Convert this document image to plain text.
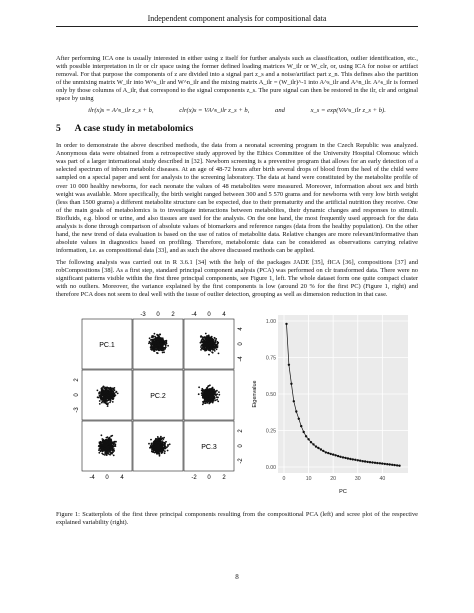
Independent component analysis for compositional data

After performing ICA one is usually interested in either using z itself for further analysis such as classification, outlier identification, etc., with possible interpretation in ilr or clr space using the former defined loading matrices W_ilr or W_clr, or, using ICA for noise or artifact removal. For that purpose the components of z are divided into a signal part z_s and a noise/artifact part z_n. This defines also the partition of the unmixing matrix W_ilr into W^s_ilr and W^n_ilr and the mixing matrix A_ilr = (W_ilr)^-1 into A^s_ilr and A^n_ilr. A^s_ilr is formed only by those columns of A_ilr, that correspond to the signal components z_s. The pure signal can then be restored in the ilr, clr and original space by using

ilr(x)s = A^s_ilr z_s + b,	clr(x)s = VA^s_ilr z_s + b,	and	x_s = exp(VA^s_ilr z_s + b).
5 A case study in metabolomics

In order to demonstrate the above described methods, the data from a neonatal screening program in the Czech Republic was analyzed. Anonymous data were obtained from a retrospective study approved by the Ethics Committee of the University Hospital Olomouc which was part of a larger international study described in [32]. Newborn screening is a preventive program that allows for an early detection of a selected spectrum of inborn metabolic diseases. At an age of 48-72 hours after birth several drops of blood from the heel of the child were sampled on a special paper and sent for analysis to the screening laboratory. The data at hand were constituted by the metabolite profile of over 10 000 healthy newborns, for each neonate the values of 48 metabolites were measured. Moreover, information about sex and birth weight was available. More specifically, the birth weight ranged between 300 and 5 570 grams and for newborns with very low birth weight (less than 1500 grams) a different metabolite structure can be expected, due to their prematurity and the artificial nutrition they receive. One of the main goals of metabolomics is to investigate interactions between metabolites, their dynamic changes and responses to stimuli. Biofluids, e.g. blood or urine, and also tissues are used for the analysis. On the one hand, the most frequently used approach for the data analysis is done through comparison of absolute values of biomarkers and reference ranges (data from the healthy population). On the other hand, the new trend of data evaluation is based on the use of ratios of metabolite data. Relative changes are more relevant/informative than absolute values in diagnostics based on profiling. Therefore, metabolomic data can be considered as observations carrying relative information, i.e. as compositional data [33], and as such the above discussed methods can be applied.

The following analysis was carried out in R 3.6.1 [34] with the help of the packages JADE [35], fICA [36], compositions [37] and robCompositions [38]. As a first step, standard principal component analysis (PCA) was performed on clr transformed data. There were no significant patterns visible within the first three principal components, see Figure 1, left. The whole dataset form one quite compact cluster with no outliers. Moreover, the variance explained by the first components is low (around 20 % for the first PC) (Figure 1, right) and therefore PCA does not seem to deal well with the issue of outlier detection, grouping as well as dimension reduction in that case.

PC.1
PC.2
PC.3
-3 0 2	-4 0 4
-4 0 4	-2 0 2
-3
0
2
-4
0
4
-2
0
2
0.00
0.25
0.50
0.75
1.00
0	10	20	30	40
PC
Eigenvalue
Figure 1: Scatterplots of the first three principal components resulting from the compositional PCA (left) and scree plot of the respective explained variability (right).
8
